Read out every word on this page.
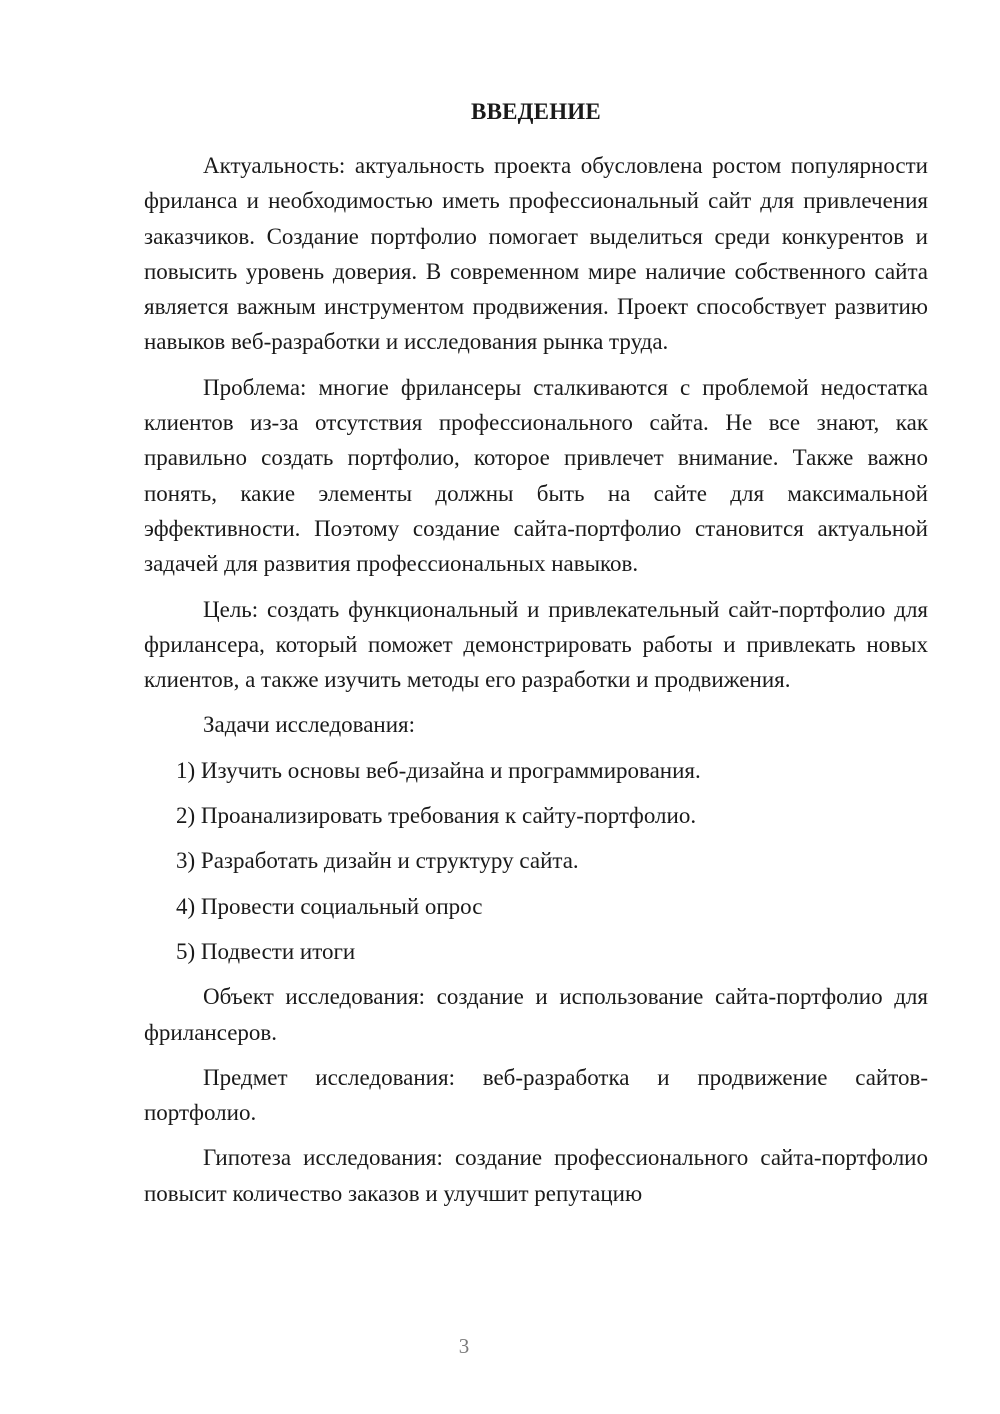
ВВЕДЕНИЕ

Актуальность: актуальность проекта обусловлена ростом популярности фриланса и необходимостью иметь профессиональный сайт для привлечения заказчиков. Создание портфолио помогает выделиться среди конкурентов и повысить уровень доверия. В современном мире наличие собственного сайта является важным инструментом продвижения. Проект способствует развитию навыков веб-разработки и исследования рынка труда.

Проблема: многие фрилансеры сталкиваются с проблемой недостатка клиентов из-за отсутствия профессионального сайта. Не все знают, как правильно создать портфолио, которое привлечет внимание. Также важно понять, какие элементы должны быть на сайте для максимальной эффективности. Поэтому создание сайта-портфолио становится актуальной задачей для развития профессиональных навыков.

Цель: создать функциональный и привлекательный сайт-портфолио для фрилансера, который поможет демонстрировать работы и привлекать новых клиентов, а также изучить методы его разработки и продвижения.

Задачи исследования:

1) Изучить основы веб-дизайна и программирования.

2) Проанализировать требования к сайту-портфолио.

3) Разработать дизайн и структуру сайта.

4) Провести социальный опрос

5) Подвести итоги

Объект исследования: создание и использование сайта-портфолио для фрилансеров.

Предмет исследования: веб-разработка и продвижение сайтов-портфолио.

Гипотеза исследования: создание профессионального сайта-портфолио повысит количество заказов и улучшит репутацию

3
